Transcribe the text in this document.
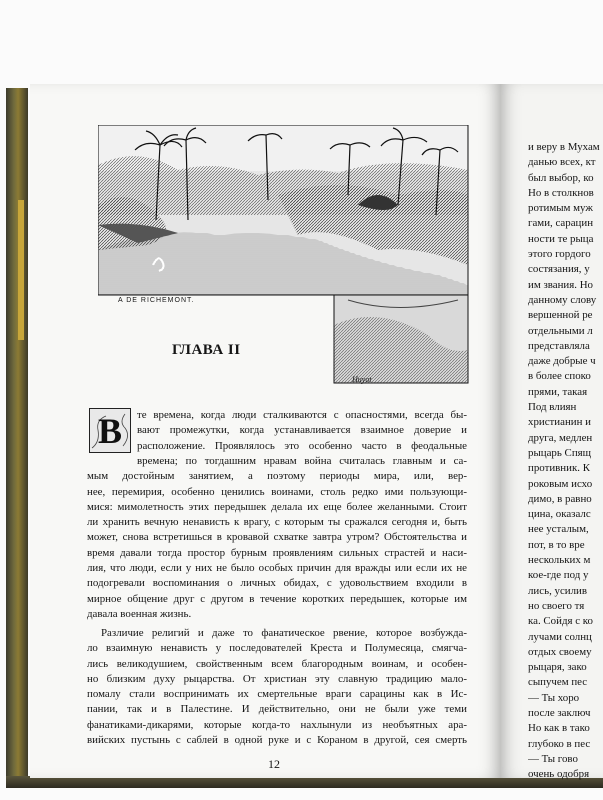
A DE RICHEMONT.
Huyot
ГЛАВА II
В те времена, когда люди сталкиваются с опасностями, всегда бы-
вают промежутки, когда устанавливается взаимное доверие и
расположение. Проявлялось это особенно часто в феодальные
времена; по тогдашним нравам война считалась главным и са-
мым достойным занятием, а поэтому периоды мира, или, вер-
нее, перемирия, особенно ценились воинами, столь редко ими пользующи-
мися: мимолетность этих передышек делала их еще более желанными. Стоит
ли хранить вечную ненависть к врагу, с которым ты сражался сегодня и, быть
может, снова встретишься в кровавой схватке завтра утром? Обстоятельства и
время давали тогда простор бурным проявлениям сильных страстей и наси-
лия, что люди, если у них не было особых причин для вражды или если их не
подогревали воспоминания о личных обидах, с удовольствием входили в
мирное общение друг с другом в течение коротких передышек, которые им
давала военная жизнь.
Различие религий и даже то фанатическое рвение, которое возбужда-
ло взаимную ненависть у последователей Креста и Полумесяца, смягча-
лись великодушием, свойственным всем благородным воинам, и особен-
но близким духу рыцарства. От христиан эту славную традицию мало-
помалу стали воспринимать их смертельные враги сарацины как в Ис-
пании, так и в Палестине. И действительно, они не были уже теми
фанатиками-дикарями, которые когда-то нахлынули из необъятных ара-
вийских пустынь с саблей в одной руке и с Кораном в другой, сея смерть
12
и веру в Мухам
данью всех, кт
был выбор, ко
Но в столкнов
ротимым муж
гами, сарацин
ности те рыца
этого гордого
состязания, у
им звания. Но
данному слову
вершенной ре
отдельными л
представляла
даже добрые ч
в более споко
прями, такая
Под влиян
христианин и
друга, медлен
рыцарь Спящ
противник. К
роковым исхо
димо, в равно
цина, оказалс
нее усталым,
пот, в то вре
нескольких м
кое-где под у
лись, усилив
но своего тя
ка. Сойдя с ко
лучами солнц
отдых своему
рыцаря, зако
сыпучем пес
— Ты хоро
после заключ
Но как в тако
глубоко в пес
— Ты гово
очень одобря
